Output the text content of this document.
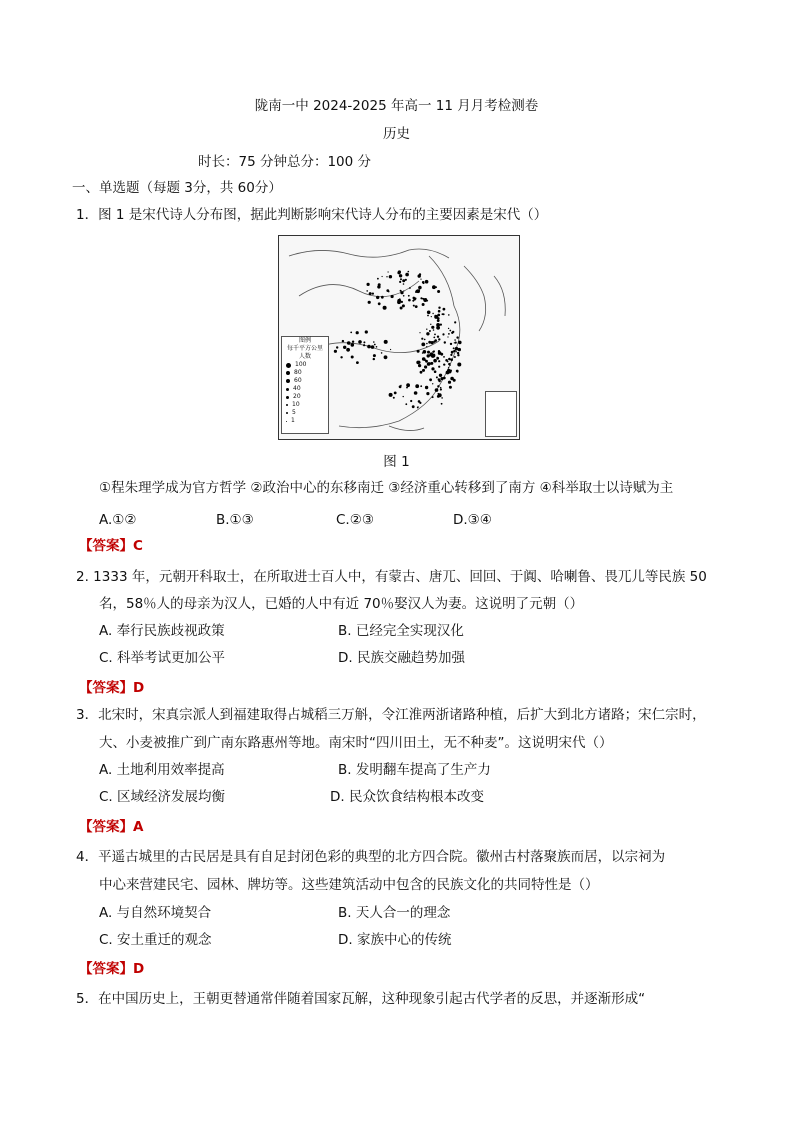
陇南一中 2024-2025 年高一 11 月月考检测卷
历史
时长：75 分钟总分：100 分
一、单选题（每题 3分，共 60分）
1．图 1 是宋代诗人分布图，据此判断影响宋代诗人分布的主要因素是宋代（）
图例
每千平方公里
人数
100
80
60
40
20
10
5
1
图 1
①程朱理学成为官方哲学 ②政治中心的东移南迁 ③经济重心转移到了南方 ④科举取士以诗赋为主
A.①②	B.①③	C.②③	D.③④
【答案】C
2. 1333 年，元朝开科取士，在所取进士百人中，有蒙古、唐兀、回回、于阗、哈喇鲁、畏兀儿等民族 50
名，58％人的母亲为汉人，已婚的人中有近 70％娶汉人为妻。这说明了元朝（）
A. 奉行民族歧视政策	B. 已经完全实现汉化
C. 科举考试更加公平	D. 民族交融趋势加强
【答案】D
3．北宋时，宋真宗派人到福建取得占城稻三万斛，令江淮两浙诸路种植，后扩大到北方诸路；宋仁宗时，
大、小麦被推广到广南东路惠州等地。南宋时“四川田土，无不种麦”。这说明宋代（）
A. 土地利用效率提高	B. 发明翻车提高了生产力
C. 区域经济发展均衡	D. 民众饮食结构根本改变
【答案】A
4．平遥古城里的古民居是具有自足封闭色彩的典型的北方四合院。徽州古村落聚族而居，以宗祠为
中心来营建民宅、园林、牌坊等。这些建筑活动中包含的民族文化的共同特性是（）
A. 与自然环境契合	B. 天人合一的理念
C. 安土重迁的观念	D. 家族中心的传统
【答案】D
5．在中国历史上，王朝更替通常伴随着国家瓦解，这种现象引起古代学者的反思，并逐渐形成“
